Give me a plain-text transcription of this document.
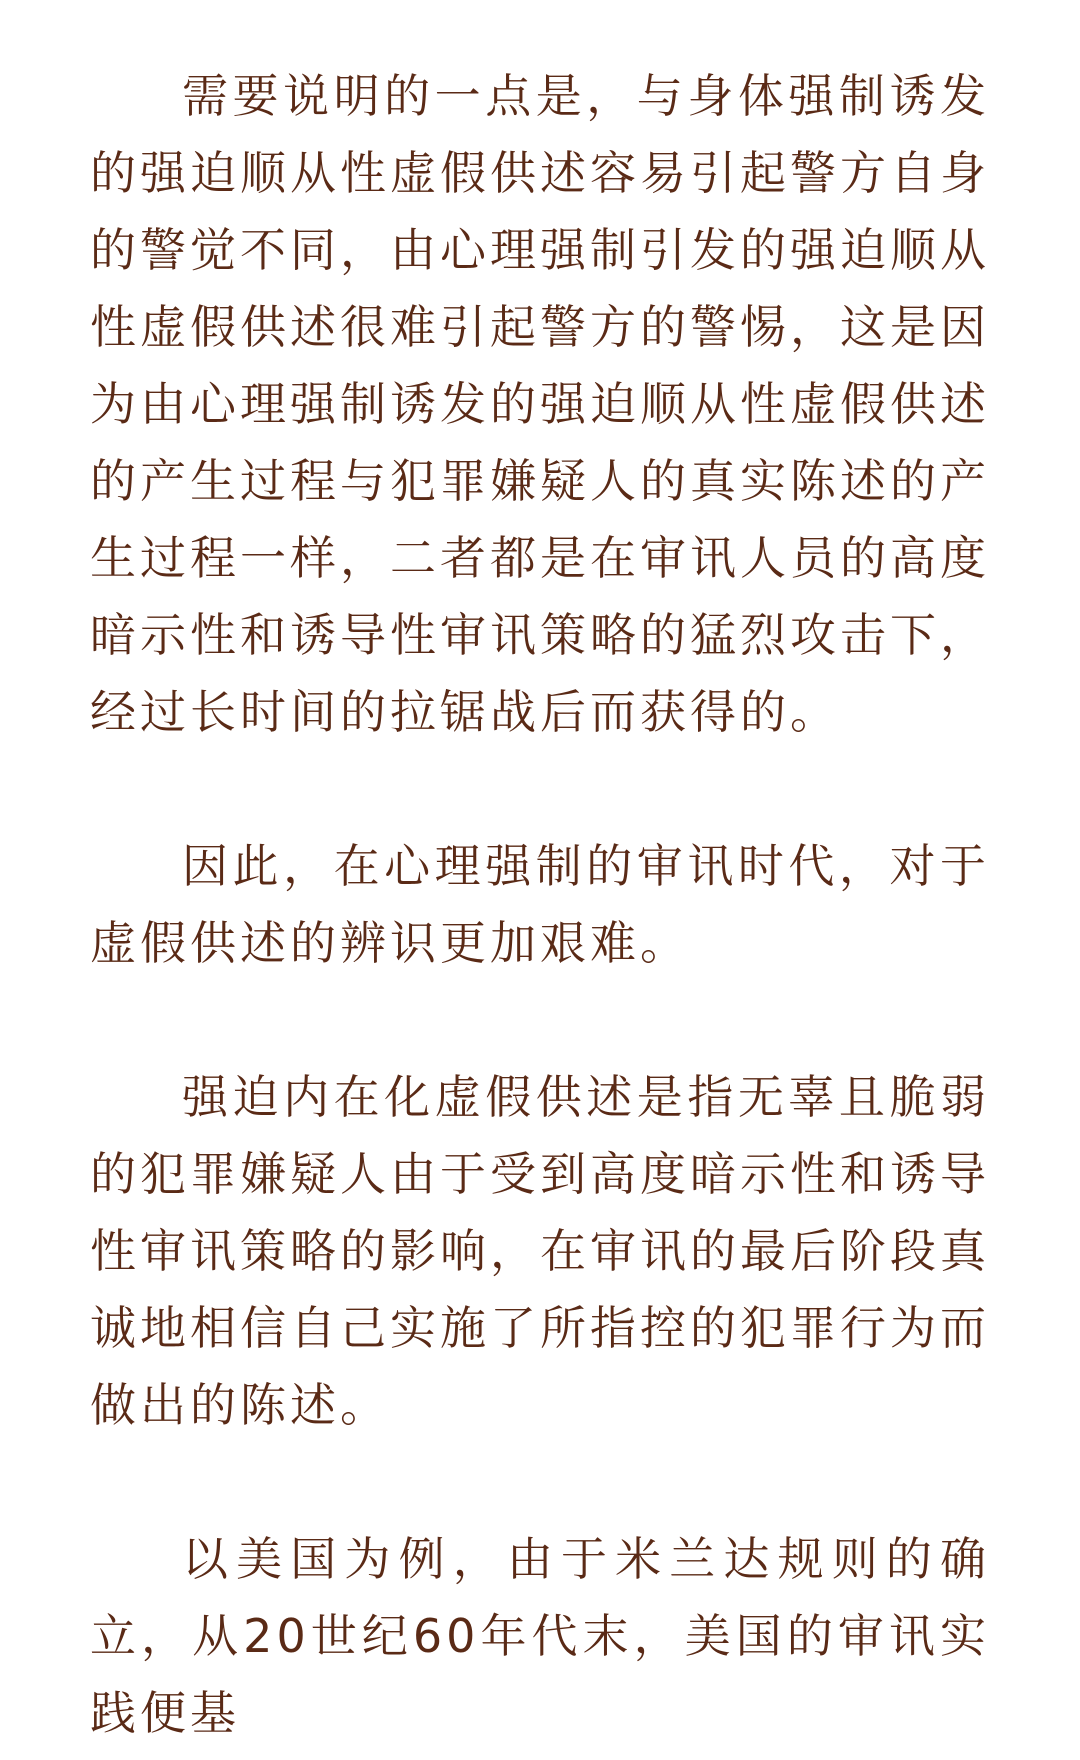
需要说明的一点是，与身体强制诱发的强迫顺从性虚假供述容易引起警方自身的警觉不同，由心理强制引发的强迫顺从性虚假供述很难引起警方的警惕，这是因为由心理强制诱发的强迫顺从性虚假供述的产生过程与犯罪嫌疑人的真实陈述的产生过程一样，二者都是在审讯人员的高度暗示性和诱导性审讯策略的猛烈攻击下，经过长时间的拉锯战后而获得的。

因此，在心理强制的审讯时代，对于虚假供述的辨识更加艰难。

强迫内在化虚假供述是指无辜且脆弱的犯罪嫌疑人由于受到高度暗示性和诱导性审讯策略的影响，在审讯的最后阶段真诚地相信自己实施了所指控的犯罪行为而做出的陈述。

以美国为例，由于米兰达规则的确立，从20世纪60年代末，美国的审讯实践便基
